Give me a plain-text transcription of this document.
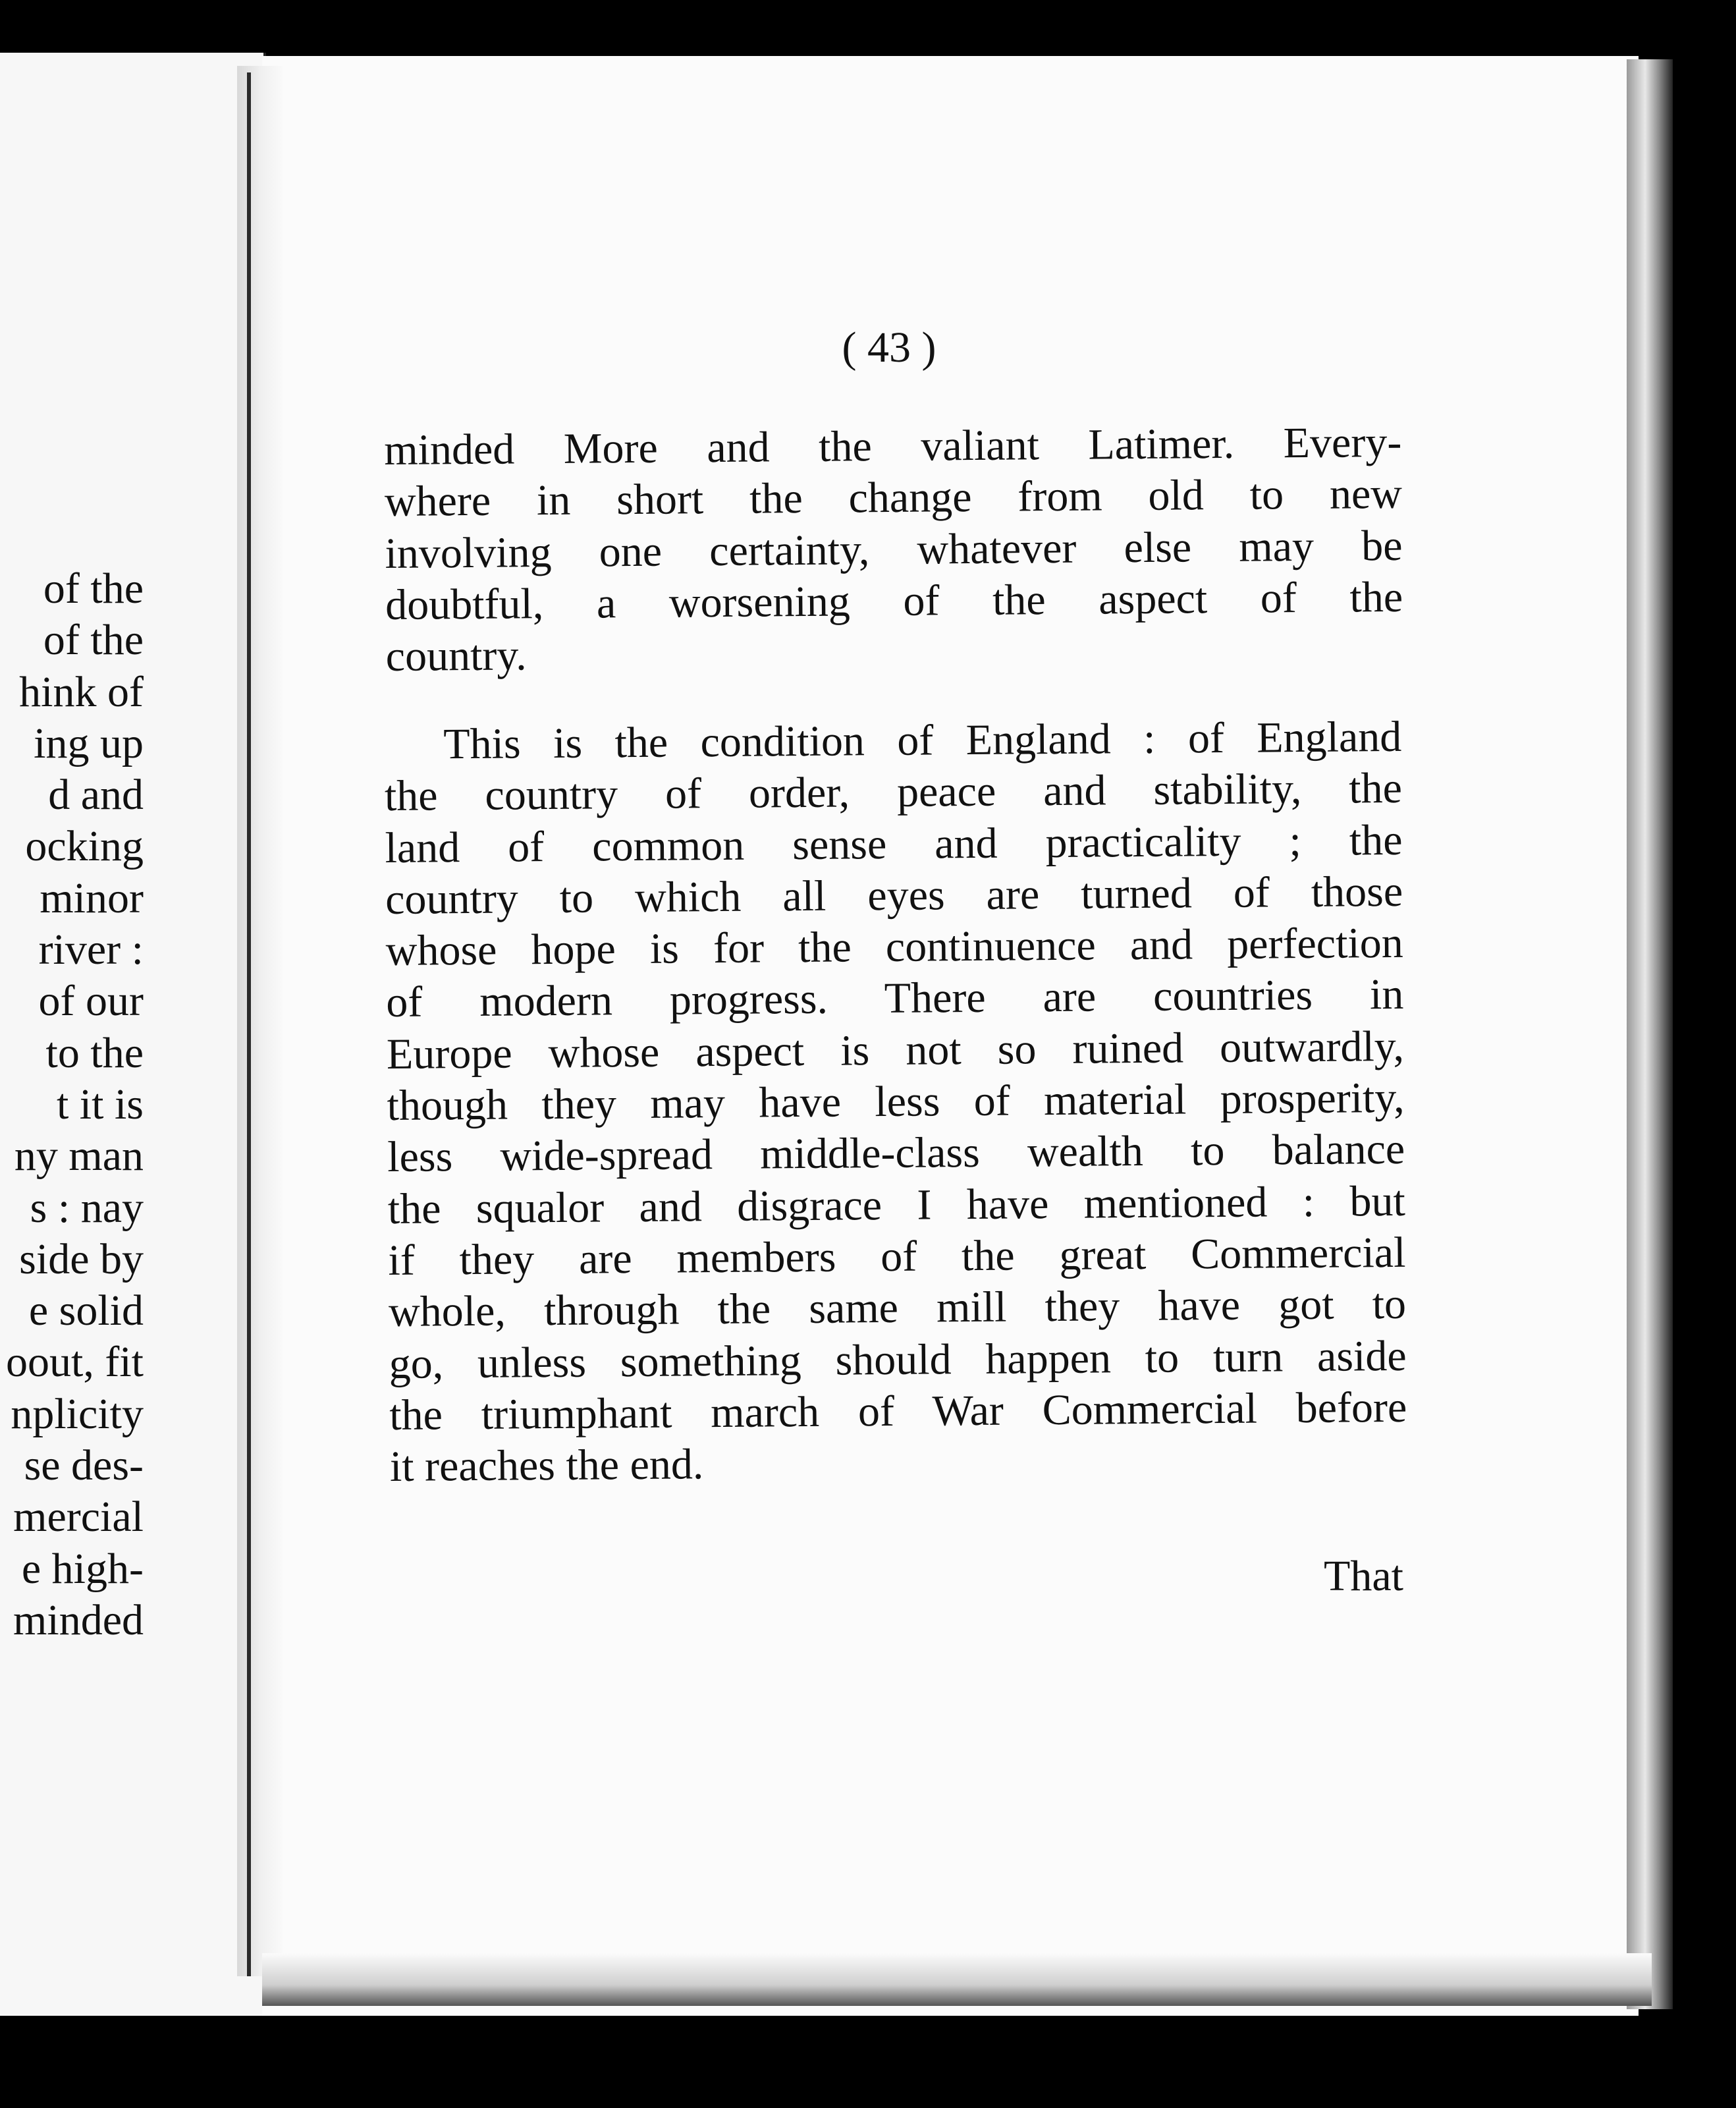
of the
of the
hink of
ing up
d and
ocking
minor
river :
of our
to the
t it is
ny man
s : nay
side by
e solid
oout, fit
nplicity
se des-
mercial
e high-
minded
( 43 )
minded More and the valiant Latimer. Every-
where in short the change from old to new
involving one certainty, whatever else may be
doubtful, a worsening of the aspect of the
country.
This is the condition of England : of England
the country of order, peace and stability, the
land of common sense and practicality ; the
country to which all eyes are turned of those
whose hope is for the continuence and perfection
of modern progress. There are countries in
Europe whose aspect is not so ruined outwardly,
though they may have less of material prosperity,
less wide-spread middle-class wealth to balance
the squalor and disgrace I have mentioned : but
if they are members of the great Commercial
whole, through the same mill they have got to
go, unless something should happen to turn aside
the triumphant march of War Commercial before
it reaches the end.
That
